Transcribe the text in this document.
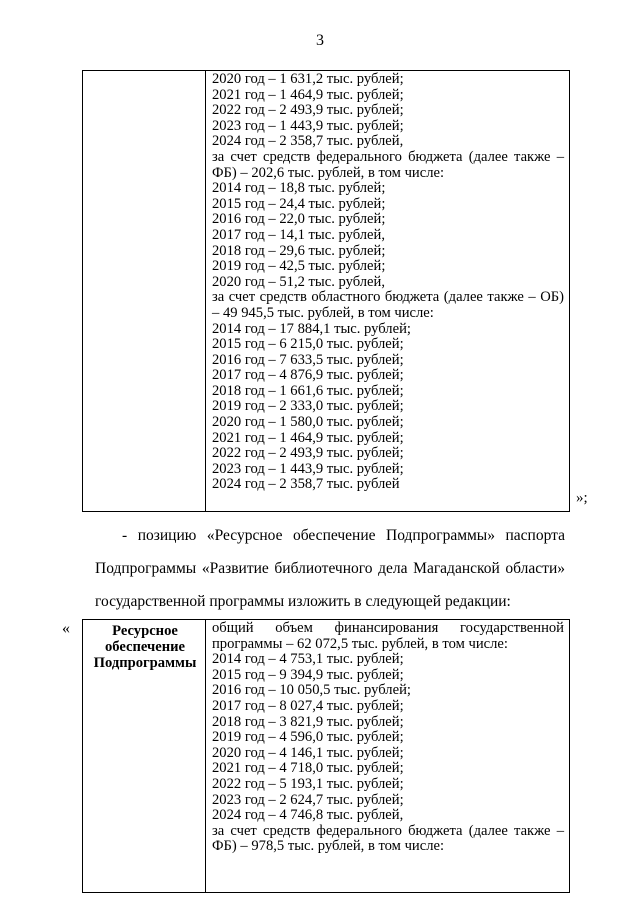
3
2020 год – 1 631,2 тыс. рублей;
2021 год – 1 464,9 тыс. рублей;
2022 год – 2 493,9 тыс. рублей;
2023 год – 1 443,9 тыс. рублей;
2024 год – 2 358,7 тыс. рублей,
за счет средств федерального бюджета (далее также –
ФБ) – 202,6 тыс. рублей, в том числе:
2014 год – 18,8 тыс. рублей;
2015 год – 24,4 тыс. рублей;
2016 год – 22,0 тыс. рублей;
2017 год – 14,1 тыс. рублей,
2018 год – 29,6 тыс. рублей;
2019 год – 42,5 тыс. рублей;
2020 год – 51,2 тыс. рублей,
за счет средств областного бюджета (далее также – ОБ)
– 49 945,5 тыс. рублей, в том числе:
2014 год – 17 884,1 тыс. рублей;
2015 год – 6 215,0 тыс. рублей;
2016 год – 7 633,5 тыс. рублей;
2017 год – 4 876,9 тыс. рублей;
2018 год – 1 661,6 тыс. рублей;
2019 год – 2 333,0 тыс. рублей;
2020 год – 1 580,0 тыс. рублей;
2021 год – 1 464,9 тыс. рублей;
2022 год – 2 493,9 тыс. рублей;
2023 год – 1 443,9 тыс. рублей;
2024 год – 2 358,7 тыс. рублей
»;
- позицию «Ресурсное обеспечение Подпрограммы» паспорта
Подпрограммы «Развитие библиотечного дела Магаданской области»
государственной программы изложить в следующей редакции:
«	Ресурсное обеспечение Подпрограммы
общий объем финансирования государственной
программы – 62 072,5 тыс. рублей, в том числе:
2014 год – 4 753,1 тыс. рублей;
2015 год – 9 394,9 тыс. рублей;
2016 год – 10 050,5 тыс. рублей;
2017 год – 8 027,4 тыс. рублей;
2018 год – 3 821,9 тыс. рублей;
2019 год – 4 596,0 тыс. рублей;
2020 год – 4 146,1 тыс. рублей;
2021 год – 4 718,0 тыс. рублей;
2022 год – 5 193,1 тыс. рублей;
2023 год – 2 624,7 тыс. рублей;
2024 год – 4 746,8 тыс. рублей,
за счет средств федерального бюджета (далее также –
ФБ) – 978,5 тыс. рублей, в том числе:
